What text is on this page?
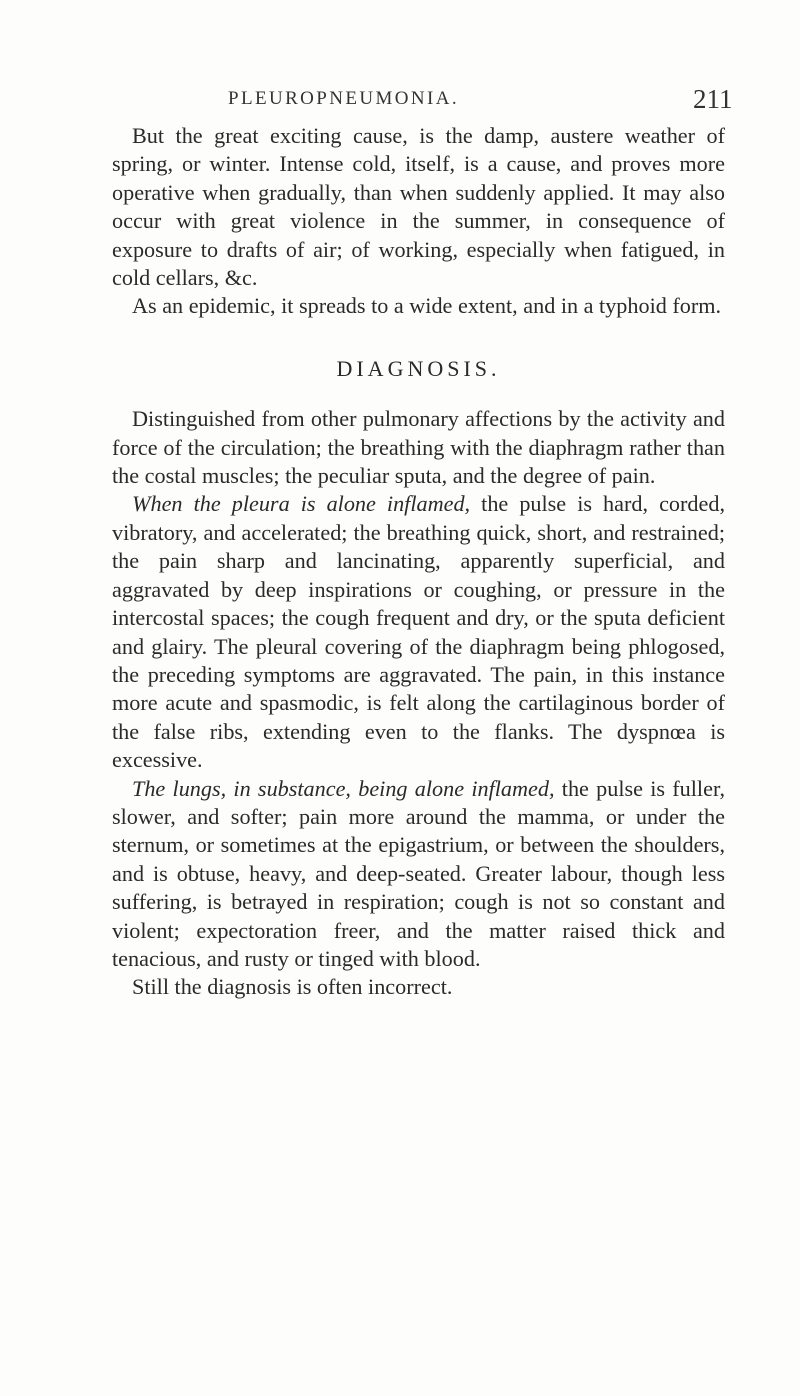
PLEUROPNEUMONIA.	211

But the great exciting cause, is the damp, austere weather of spring, or winter. Intense cold, itself, is a cause, and proves more operative when gradually, than when suddenly applied. It may also occur with great violence in the summer, in consequence of exposure to drafts of air; of working, especially when fatigued, in cold cellars, &c.

As an epidemic, it spreads to a wide extent, and in a typhoid form.

DIAGNOSIS.

Distinguished from other pulmonary affections by the activity and force of the circulation; the breathing with the diaphragm rather than the costal muscles; the peculiar sputa, and the degree of pain.

When the pleura is alone inflamed, the pulse is hard, corded, vibratory, and accelerated; the breathing quick, short, and restrained; the pain sharp and lancinating, apparently superficial, and aggravated by deep inspirations or coughing, or pressure in the intercostal spaces; the cough frequent and dry, or the sputa deficient and glairy. The pleural covering of the diaphragm being phlogosed, the preceding symptoms are aggravated. The pain, in this instance more acute and spasmodic, is felt along the cartilaginous border of the false ribs, extending even to the flanks. The dyspnœa is excessive.

The lungs, in substance, being alone inflamed, the pulse is fuller, slower, and softer; pain more around the mamma, or under the sternum, or sometimes at the epigastrium, or between the shoulders, and is obtuse, heavy, and deep-seated. Greater labour, though less suffering, is betrayed in respiration; cough is not so constant and violent; expectoration freer, and the matter raised thick and tenacious, and rusty or tinged with blood.

Still the diagnosis is often incorrect.
